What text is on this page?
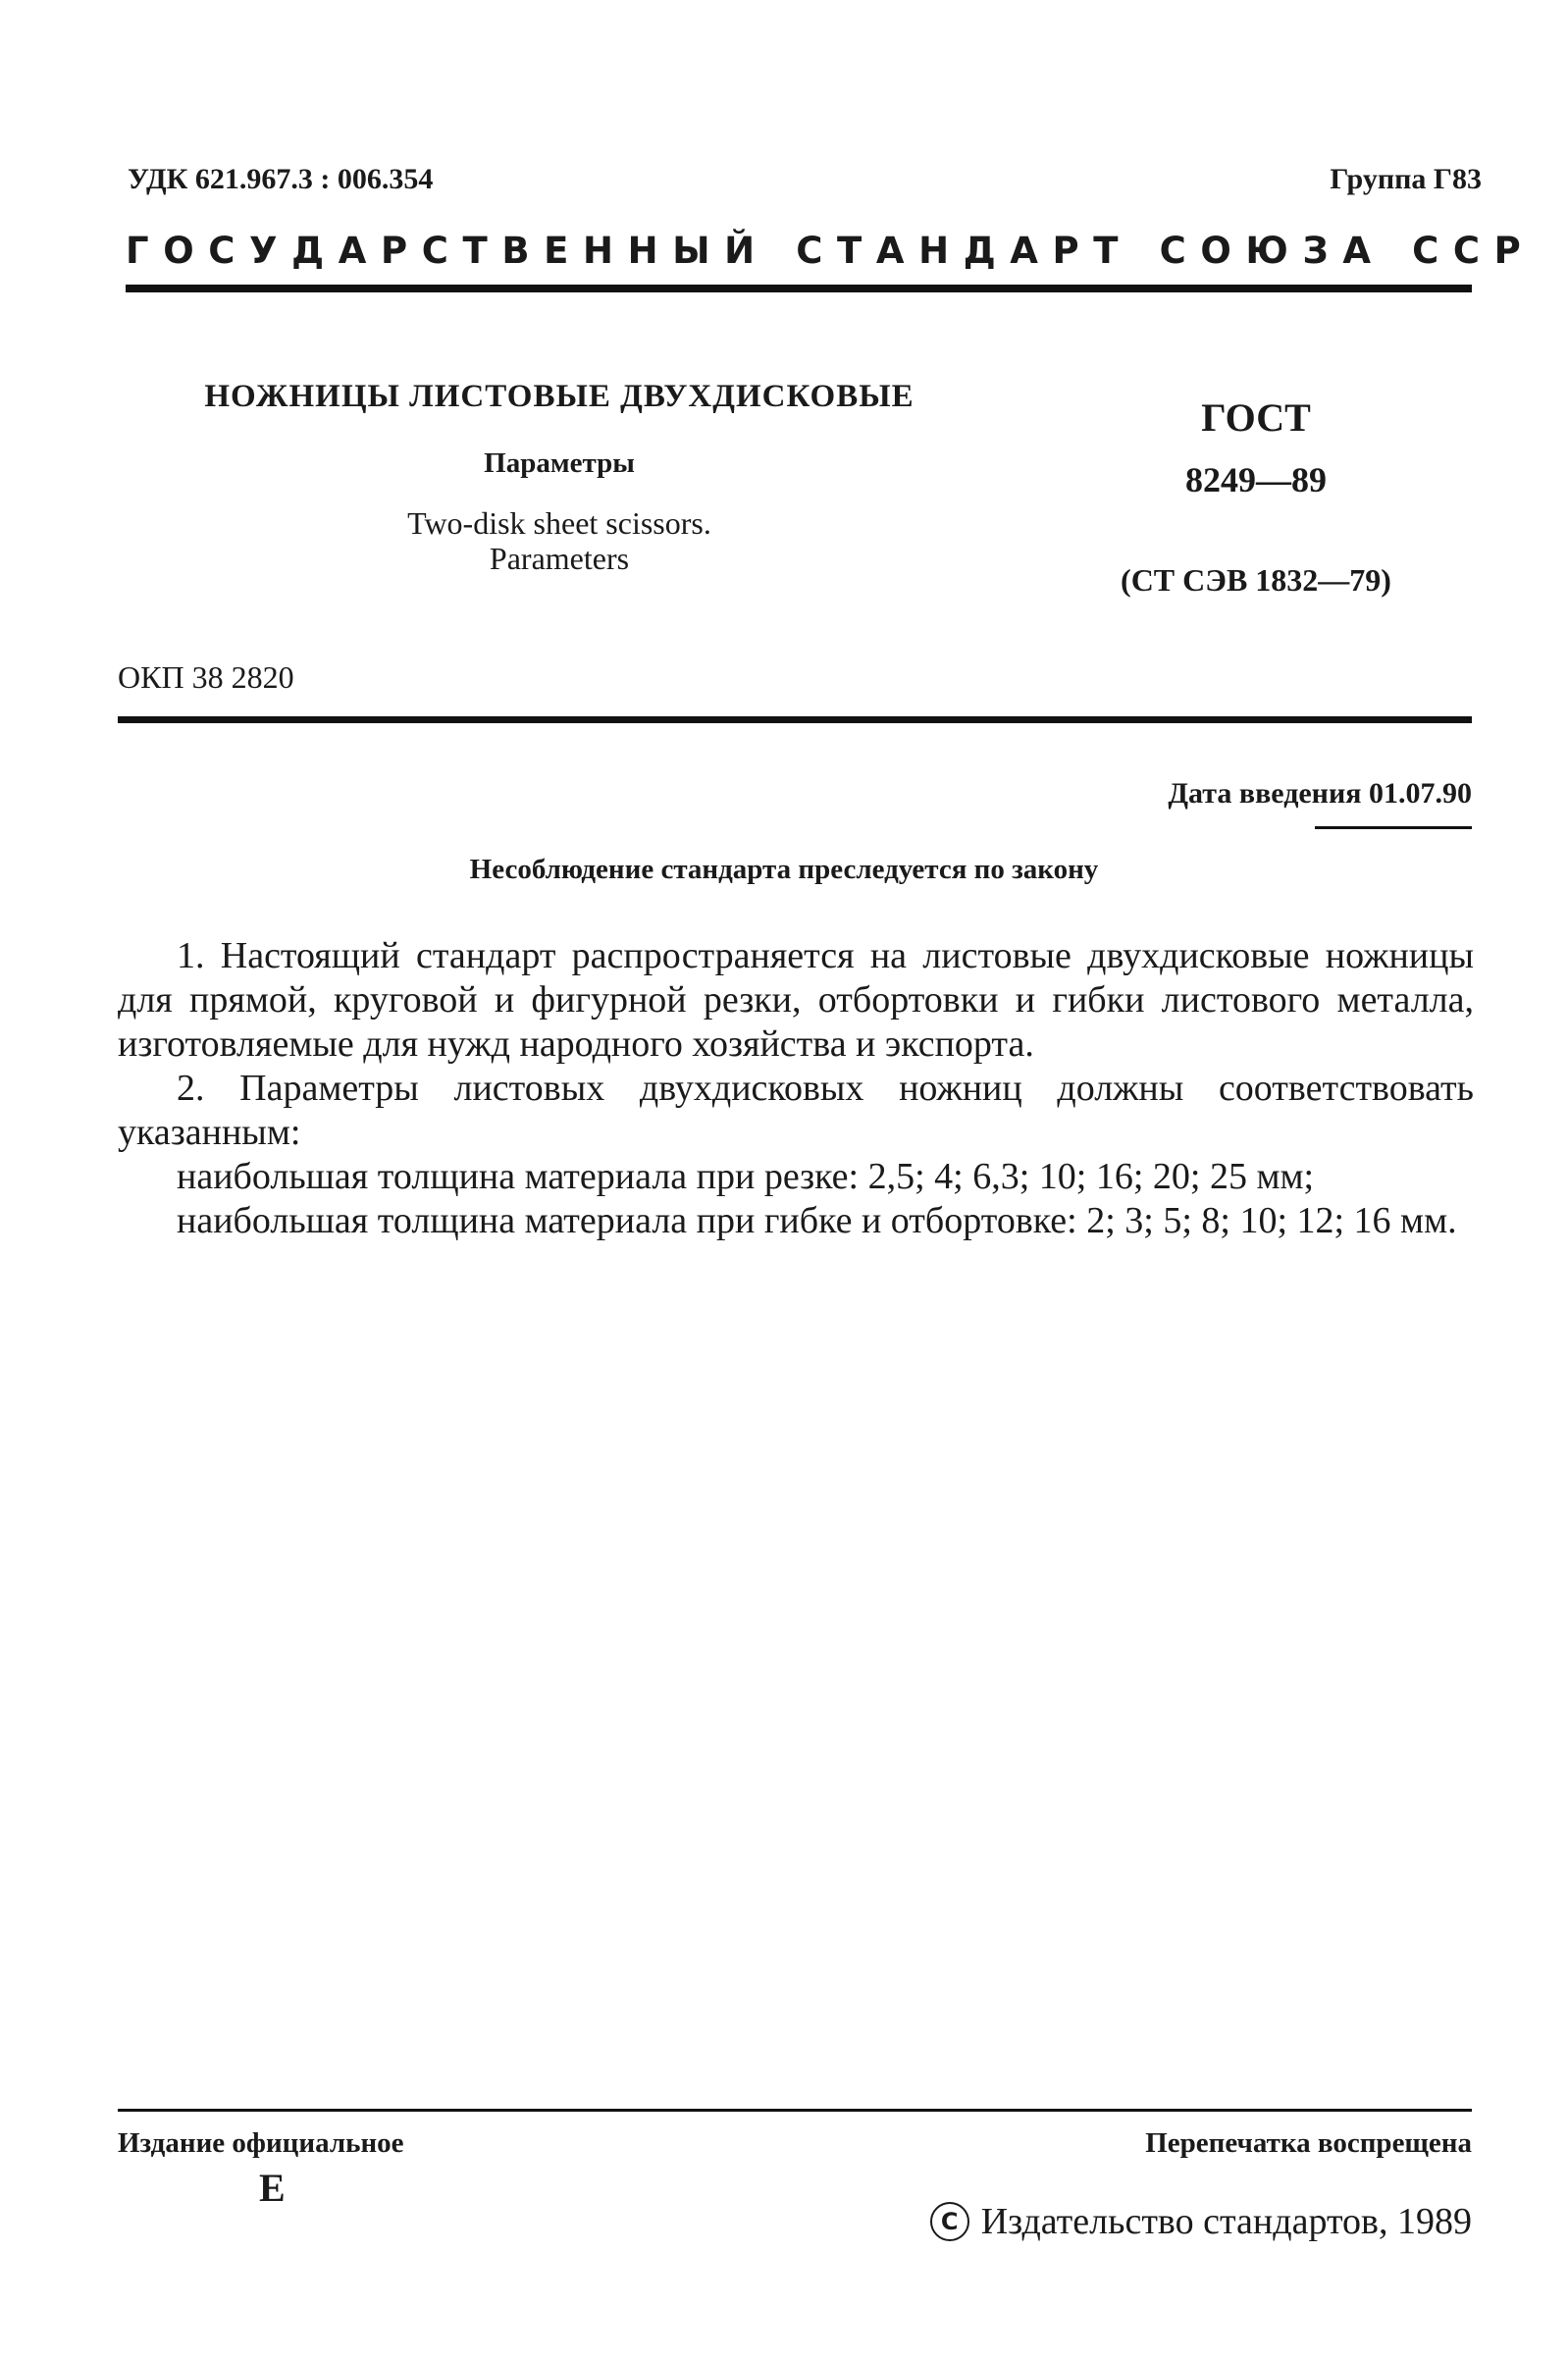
УДК 621.967.3 : 006.354	Группа Г83
ГОСУДАРСТВЕННЫЙ СТАНДАРТ СОЮЗА ССР
НОЖНИЦЫ ЛИСТОВЫЕ ДВУХДИСКОВЫЕ
Параметры
Two-disk sheet scissors.
Parameters
ГОСТ
8249—89
(СТ СЭВ 1832—79)
ОКП 38 2820
Дата введения 01.07.90
Несоблюдение стандарта преследуется по закону

1. Настоящий стандарт распространяется на листовые двухдисковые ножницы для прямой, круговой и фигурной резки, отбортовки и гибки листового металла, изготовляемые для нужд народного хозяйства и экспорта.

2. Параметры листовых двухдисковых ножниц должны соответствовать указанным:

наибольшая толщина материала при резке: 2,5; 4; 6,3; 10; 16; 20; 25 мм;

наибольшая толщина материала при гибке и отбортовке: 2; 3; 5; 8; 10; 12; 16 мм.

Издание официальное
Е
Перепечатка воспрещена
C Издательство стандартов, 1989
